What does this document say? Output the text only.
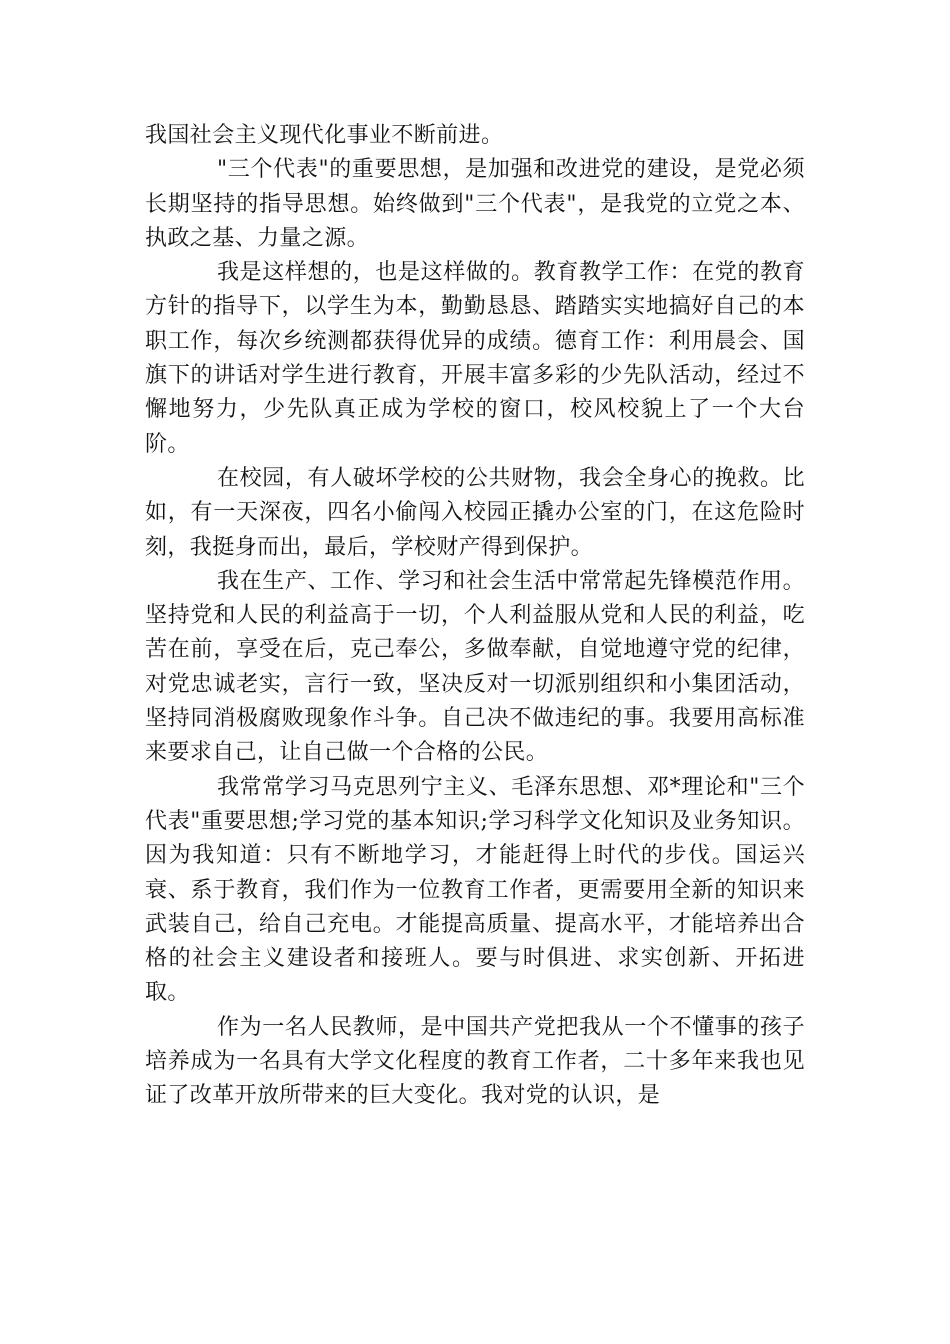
我国社会主义现代化事业不断前进。

"三个代表"的重要思想，是加强和改进党的建设，是党必须长期坚持的指导思想。始终做到"三个代表"，是我党的立党之本、执政之基、力量之源。

我是这样想的，也是这样做的。教育教学工作：在党的教育方针的指导下，以学生为本，勤勤恳恳、踏踏实实地搞好自己的本职工作，每次乡统测都获得优异的成绩。德育工作：利用晨会、国旗下的讲话对学生进行教育，开展丰富多彩的少先队活动，经过不懈地努力，少先队真正成为学校的窗口，校风校貌上了一个大台阶。

在校园，有人破坏学校的公共财物，我会全身心的挽救。比如，有一天深夜，四名小偷闯入校园正撬办公室的门，在这危险时刻，我挺身而出，最后，学校财产得到保护。

我在生产、工作、学习和社会生活中常常起先锋模范作用。坚持党和人民的利益高于一切，个人利益服从党和人民的利益，吃苦在前，享受在后，克己奉公，多做奉献，自觉地遵守党的纪律，对党忠诚老实，言行一致，坚决反对一切派别组织和小集团活动，坚持同消极腐败现象作斗争。自己决不做违纪的事。我要用高标准来要求自己，让自己做一个合格的公民。

我常常学习马克思列宁主义、毛泽东思想、邓*理论和"三个代表"重要思想;学习党的基本知识;学习科学文化知识及业务知识。因为我知道：只有不断地学习，才能赶得上时代的步伐。国运兴衰、系于教育，我们作为一位教育工作者，更需要用全新的知识来武装自己，给自己充电。才能提高质量、提高水平，才能培养出合格的社会主义建设者和接班人。要与时俱进、求实创新、开拓进取。

作为一名人民教师，是中国共产党把我从一个不懂事的孩子培养成为一名具有大学文化程度的教育工作者，二十多年来我也见证了改革开放所带来的巨大变化。我对党的认识，是
